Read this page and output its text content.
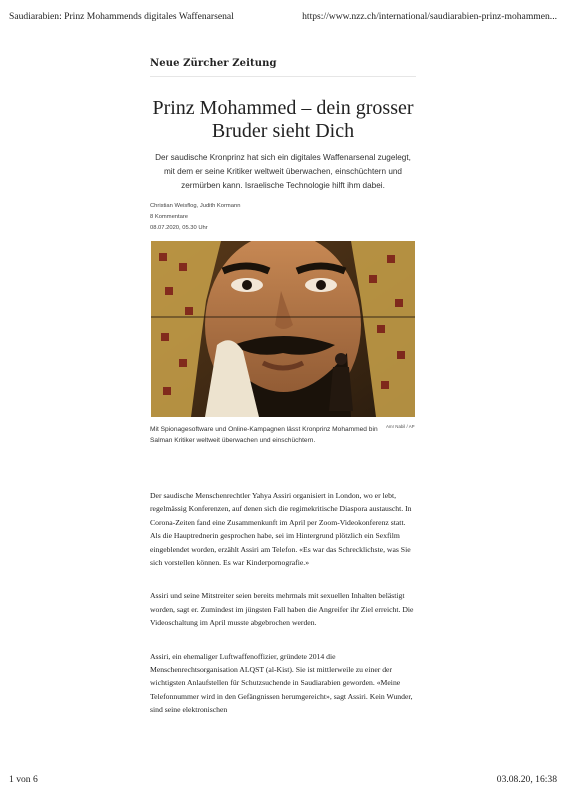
Saudiarabien: Prinz Mohammends digitales Waffenarsenal	https://www.nzz.ch/international/saudiarabien-prinz-mohammen...
Neue Zürcher Zeitung
Prinz Mohammed – dein grosser Bruder sieht Dich

Der saudische Kronprinz hat sich ein digitales Waffenarsenal zugelegt, mit dem er seine Kritiker weltweit überwachen, einschüchtern und zermürben kann. Israelische Technologie hilft ihm dabei.

Christian Weisflog, Judith Kormann
8 Kommentare
08.07.2020, 05.30 Uhr
Mit Spionagesoftware und Online-Kampagnen lässt Kronprinz Mohammed bin Salman Kritiker weltweit überwachen und einschüchtern.
Amr Nabil / AP

Der saudische Menschenrechtler Yahya Assiri organisiert in London, wo er lebt, regelmässig Konferenzen, auf denen sich die regimekritische Diaspora austauscht. In Corona-Zeiten fand eine Zusammenkunft im April per Zoom-Videokonferenz statt. Als die Hauptrednerin gesprochen habe, sei im Hintergrund plötzlich ein Sexfilm eingeblendet worden, erzählt Assiri am Telefon. «Es war das Schrecklichste, was Sie sich vorstellen können. Es war Kinderpornografie.»

Assiri und seine Mitstreiter seien bereits mehrmals mit sexuellen Inhalten belästigt worden, sagt er. Zumindest im jüngsten Fall haben die Angreifer ihr Ziel erreicht. Die Videoschaltung im April musste abgebrochen werden.

Assiri, ein ehemaliger Luftwaffenoffizier, gründete 2014 die Menschenrechtsorganisation ALQST (al-Kist). Sie ist mittlerweile zu einer der wichtigsten Anlaufstellen für Schutzsuchende in Saudiarabien geworden. «Meine Telefonnummer wird in den Gefängnissen herumgereicht», sagt Assiri. Kein Wunder, sind seine elektronischen

1 von 6	03.08.20, 16:38
